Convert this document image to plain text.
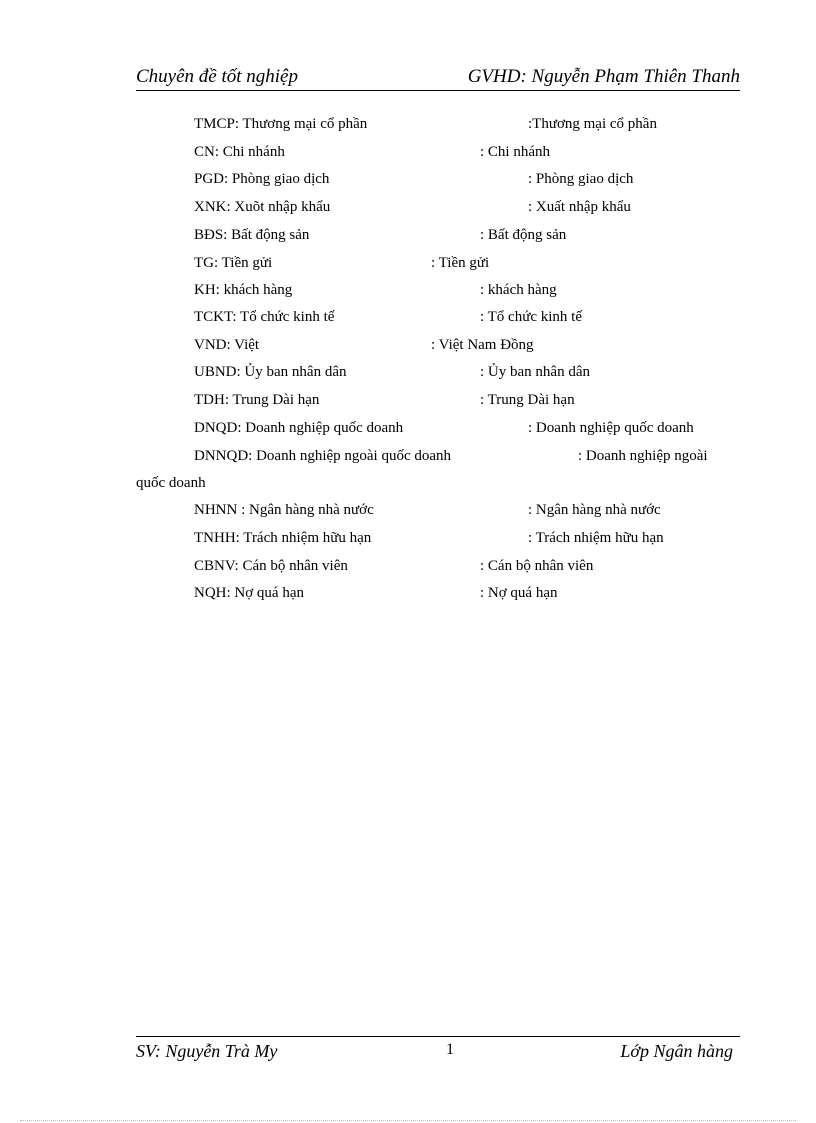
Chuyên đề tốt nghiệp	GVHD: Nguyễn Phạm Thiên Thanh
TMCP: Thương mại cổ phần	:Thương mại cổ phần
CN: Chi nhánh	: Chi nhánh
PGD: Phòng giao dịch	: Phòng giao dịch
XNK: Xuõt nhập khẩu	: Xuất nhập khẩu
BĐS: Bất động sản	: Bất động sản
TG: Tiền gửi	: Tiền gửi
KH: khách hàng	: khách hàng
TCKT: Tổ chức kinh tế	: Tổ chức kinh tế
VND: Việt	: Việt Nam Đồng
UBND: Ủy ban nhân dân	: Ủy ban nhân dân
TDH: Trung Dài hạn	: Trung Dài hạn
DNQD: Doanh nghiệp quốc doanh	: Doanh nghiệp quốc doanh
DNNQD: Doanh nghiệp ngoài quốc doanh	: Doanh nghiệp ngoài
quốc doanh
NHNN : Ngân hàng nhà nước	: Ngân hàng nhà nước
TNHH: Trách nhiệm hữu hạn	: Trách nhiệm hữu hạn
CBNV: Cán bộ nhân viên	: Cán bộ nhân viên
NQH: Nợ quá hạn	: Nợ quá hạn
SV: Nguyễn Trà My	1	Lớp Ngân hàng
